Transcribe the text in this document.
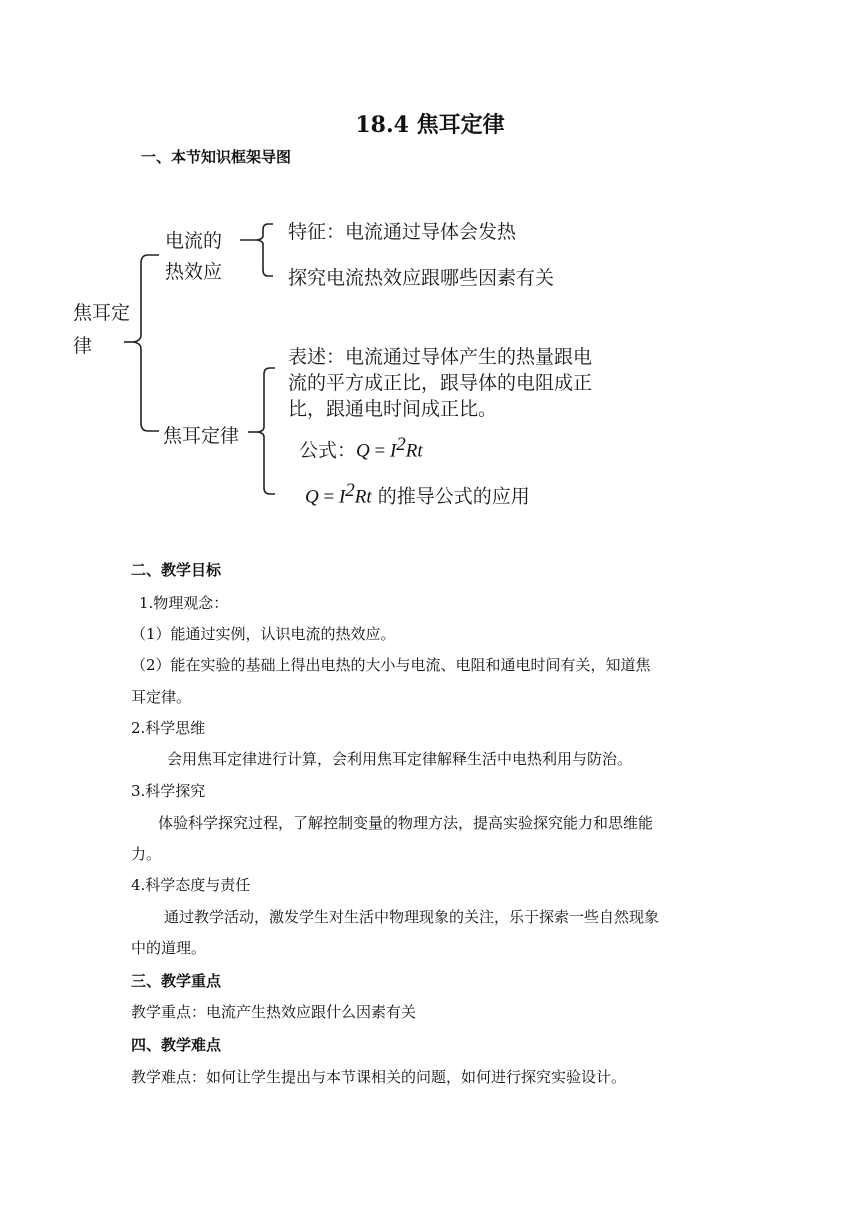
18.4 焦耳定律
一、本节知识框架导图
焦耳定
律
电流的
热效应
特征：电流通过导体会发热
探究电流热效应跟哪些因素有关
焦耳定律
表述：电流通过导体产生的热量跟电
流的平方成正比，跟导体的电阻成正
比，跟通电时间成正比。
公式：$Q = I^2Rt$
$Q = I^2Rt$ 的推导公式的应用
二、教学目标
1.物理观念：
（1）能通过实例，认识电流的热效应。
（2）能在实验的基础上得出电热的大小与电流、电阻和通电时间有关，知道焦
耳定律。
2.科学思维
会用焦耳定律进行计算，会利用焦耳定律解释生活中电热利用与防治。
3.科学探究
体验科学探究过程，了解控制变量的物理方法，提高实验探究能力和思维能
力。
4.科学态度与责任
通过教学活动，激发学生对生活中物理现象的关注，乐于探索一些自然现象
中的道理。
三、教学重点
教学重点：电流产生热效应跟什么因素有关
四、教学难点
教学难点：如何让学生提出与本节课相关的问题，如何进行探究实验设计。
